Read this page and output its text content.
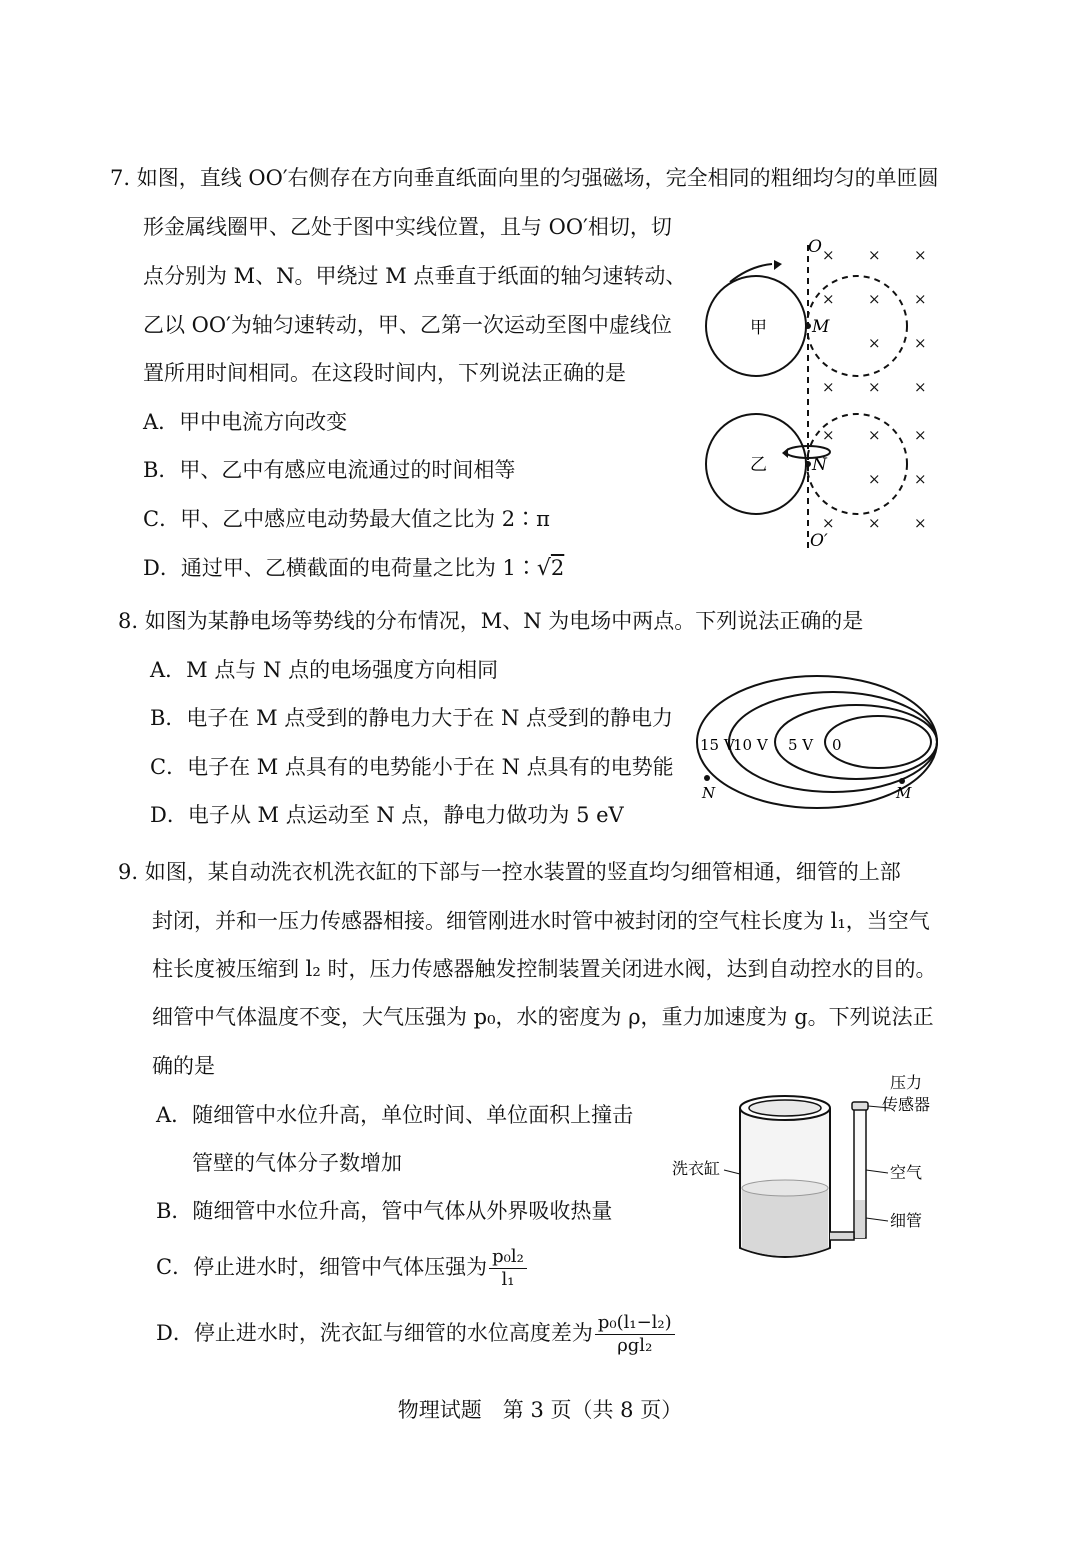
7. 如图，直线 OO′右侧存在方向垂直纸面向里的匀强磁场，完全相同的粗细均匀的单匝圆
形金属线圈甲、乙处于图中实线位置，且与 OO′相切，切
点分别为 M、N。甲绕过 M 点垂直于纸面的轴匀速转动、
乙以 OO′为轴匀速转动，甲、乙第一次运动至图中虚线位
置所用时间相同。在这段时间内，下列说法正确的是
A．甲中电流方向改变
B．甲、乙中有感应电流通过的时间相等
C．甲、乙中感应电动势最大值之比为 2∶π
D．通过甲、乙横截面的电荷量之比为 1∶√2
O
O′
甲	M
乙	N
× × ×
× × ×
× ×
× × ×
× × ×
× ×
× × ×
8. 如图为某静电场等势线的分布情况，M、N 为电场中两点。下列说法正确的是
A．M 点与 N 点的电场强度方向相同
B．电子在 M 点受到的静电力大于在 N 点受到的静电力
C．电子在 M 点具有的电势能小于在 N 点具有的电势能
D．电子从 M 点运动至 N 点，静电力做功为 5 eV
15 V
10 V 5 V 0
N	M
9. 如图，某自动洗衣机洗衣缸的下部与一控水装置的竖直均匀细管相通，细管的上部
封闭，并和一压力传感器相接。细管刚进水时管中被封闭的空气柱长度为 l₁，当空气
柱长度被压缩到 l₂ 时，压力传感器触发控制装置关闭进水阀，达到自动控水的目的。
细管中气体温度不变，大气压强为 p₀，水的密度为 ρ，重力加速度为 g。下列说法正
确的是
A．随细管中水位升高，单位时间、单位面积上撞击
管壁的气体分子数增加
B．随细管中水位升高，管中气体从外界吸收热量
C．停止进水时，细管中气体压强为 $\frac{\text{p₀l₂}}{\text{l₁}}$
D．停止进水时，洗衣缸与细管的水位高度差为 $\frac{\text{p₀(l₁−l₂)}}{\text{ρgl₂}}$
压力
传感器
洗衣缸	空气
细管
物理试题　第 3 页（共 8 页）
